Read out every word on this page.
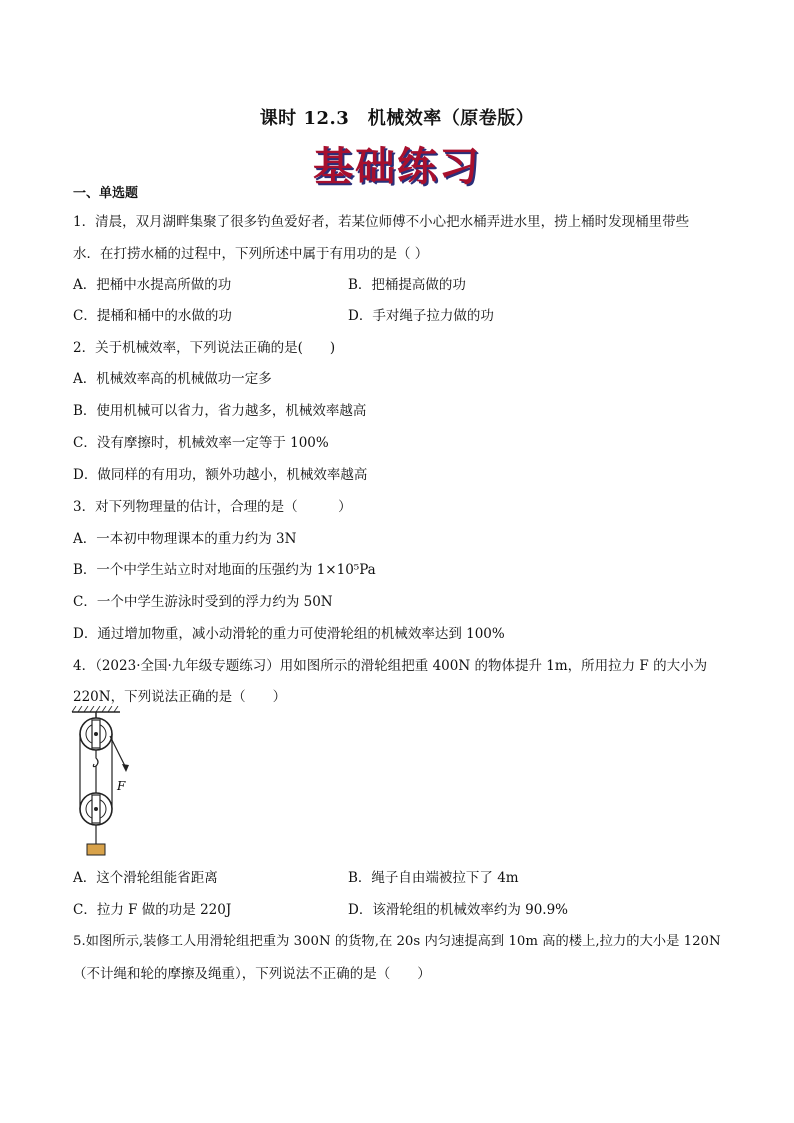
课时 12.3　机械效率（原卷版）
基础练习
一、单选题
1．清晨，双月湖畔集聚了很多钓鱼爱好者，若某位师傅不小心把水桶弄进水里，捞上桶时发现桶里带些
水．在打捞水桶的过程中，下列所述中属于有用功的是（ ）
A．把桶中水提高所做的功	B．把桶提高做的功
C．提桶和桶中的水做的功	D．手对绳子拉力做的功
2．关于机械效率，下列说法正确的是(　　)
A．机械效率高的机械做功一定多
B．使用机械可以省力，省力越多，机械效率越高
C．没有摩擦时，机械效率一定等于 100%
D．做同样的有用功，额外功越小，机械效率越高
3．对下列物理量的估计，合理的是（　　　）
A．一本初中物理课本的重力约为 3N
B．一个中学生站立时对地面的压强约为 1×10⁵Pa
C．一个中学生游泳时受到的浮力约为 50N
D．通过增加物重，减小动滑轮的重力可使滑轮组的机械效率达到 100%
4．（2023·全国·九年级专题练习）用如图所示的滑轮组把重 400N 的物体提升 1m，所用拉力 F 的大小为
220N，下列说法正确的是（　　）
F
A．这个滑轮组能省距离	B．绳子自由端被拉下了 4m
C．拉力 F 做的功是 220J	D．该滑轮组的机械效率约为 90.9%
5.如图所示,装修工人用滑轮组把重为 300N 的货物,在 20s 内匀速提高到 10m 高的楼上,拉力的大小是 120N
（不计绳和轮的摩擦及绳重），下列说法不正确的是（　　）
